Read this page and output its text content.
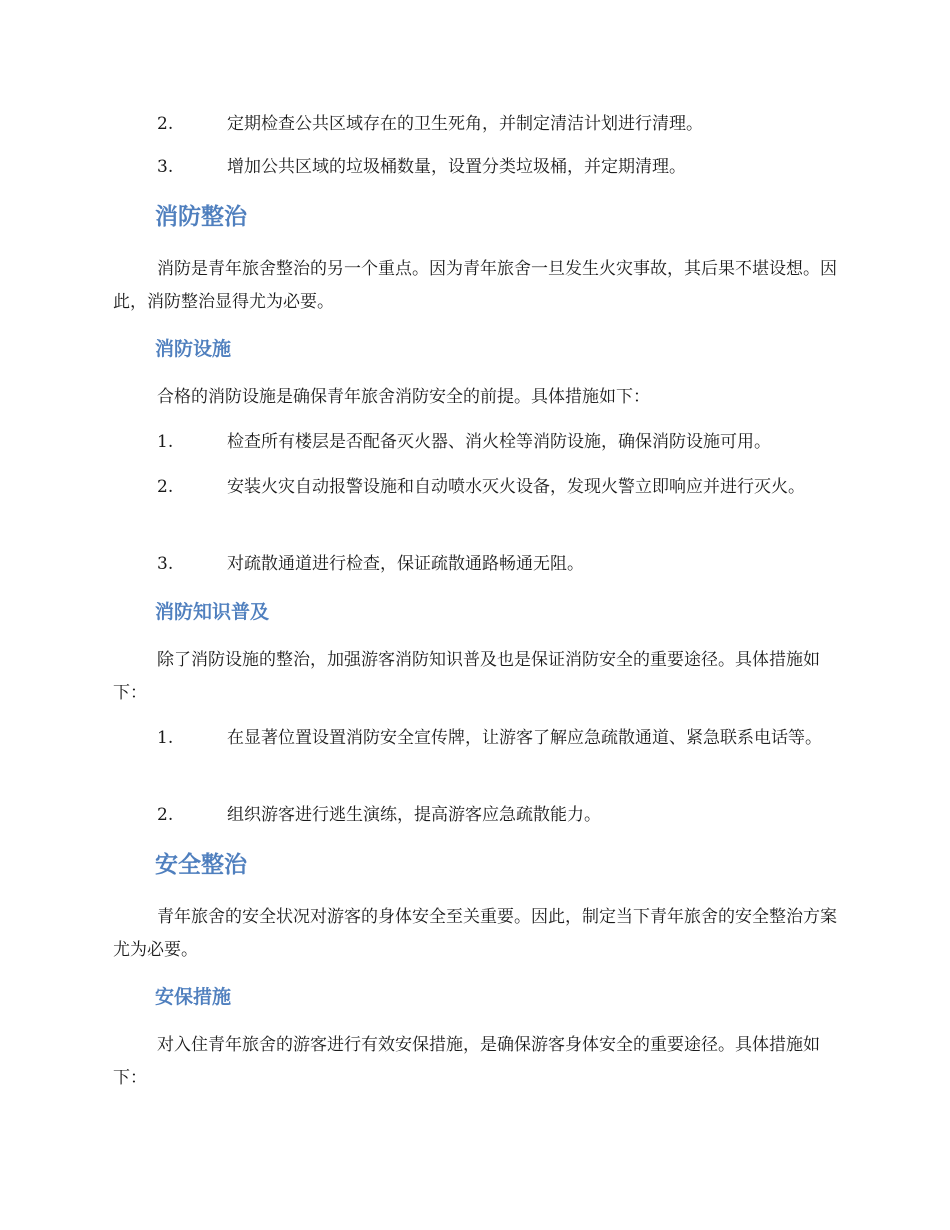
2.	定期检查公共区域存在的卫生死角，并制定清洁计划进行清理。

3.	增加公共区域的垃圾桶数量，设置分类垃圾桶，并定期清理。

消防整治

消防是青年旅舍整治的另一个重点。因为青年旅舍一旦发生火灾事故，其后果不堪设想。因此，消防整治显得尤为必要。

消防设施

合格的消防设施是确保青年旅舍消防安全的前提。具体措施如下：

1.	检查所有楼层是否配备灭火器、消火栓等消防设施，确保消防设施可用。

2.	安装火灾自动报警设施和自动喷水灭火设备，发现火警立即响应并进行灭火。

3.	对疏散通道进行检查，保证疏散通路畅通无阻。

消防知识普及

除了消防设施的整治，加强游客消防知识普及也是保证消防安全的重要途径。具体措施如下：

1.	在显著位置设置消防安全宣传牌，让游客了解应急疏散通道、紧急联系电话等。

2.	组织游客进行逃生演练，提高游客应急疏散能力。

安全整治

青年旅舍的安全状况对游客的身体安全至关重要。因此，制定当下青年旅舍的安全整治方案尤为必要。

安保措施

对入住青年旅舍的游客进行有效安保措施，是确保游客身体安全的重要途径。具体措施如下：
